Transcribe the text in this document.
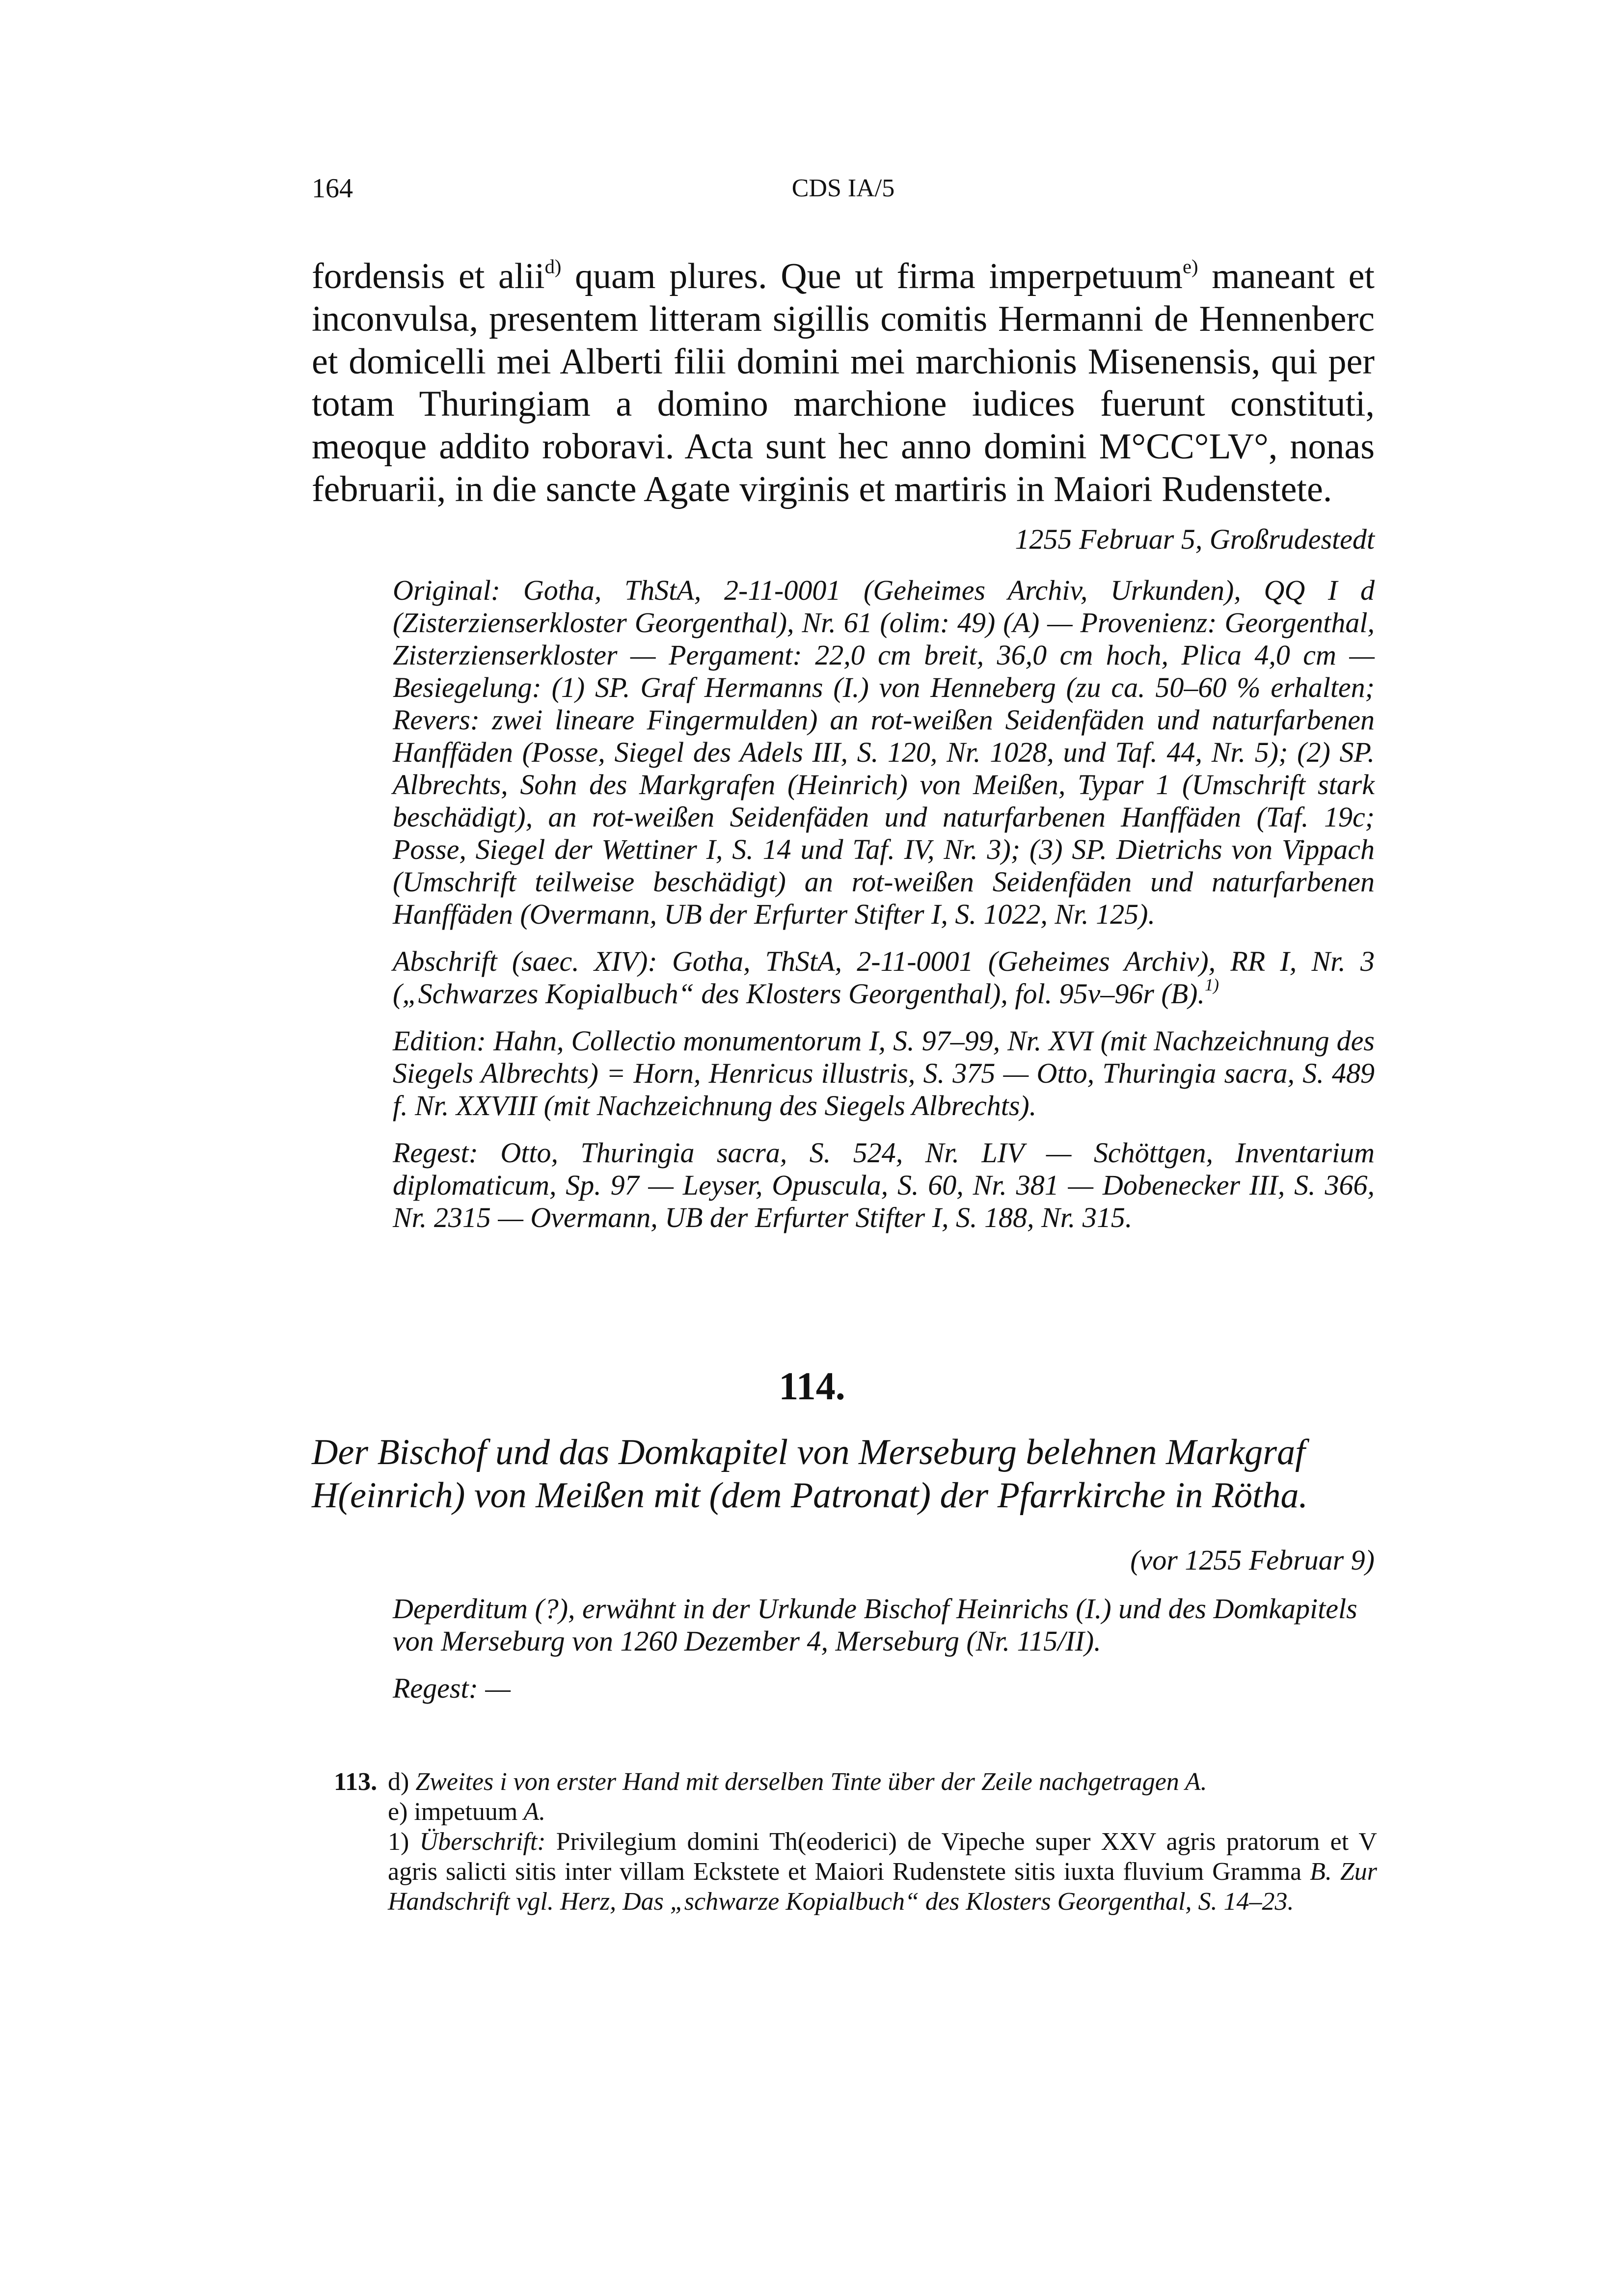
164	CDS IA/5
fordensis et alii$^{d)}$ quam plures. Que ut firma imperpetuum$^{e)}$ maneant et inconvulsa, presentem litteram sigillis comitis Hermanni de Hennenberc et domicelli mei Alberti filii domini mei marchionis Misenensis, qui per totam Thuringiam a domino marchione iudices fuerunt constituti, meoque addito roboravi. Acta sunt hec anno domini M°CC°LV°, nonas februarii, in die sancte Agate virginis et martiris in Maiori Rudenstete.
1255 Februar 5, Großrudestedt

Original: Gotha, ThStA, 2-11-0001 (Geheimes Archiv, Urkunden), QQ I d (Zisterzienserkloster Georgenthal), Nr. 61 (olim: 49) (A) — Provenienz: Georgenthal, Zisterzienserkloster — Pergament: 22,0 cm breit, 36,0 cm hoch, Plica 4,0 cm — Besiegelung: (1) SP. Graf Hermanns (I.) von Henneberg (zu ca. 50–60 % erhalten; Revers: zwei lineare Fingermulden) an rot-weißen Seidenfäden und naturfarbenen Hanffäden (Posse, Siegel des Adels III, S. 120, Nr. 1028, und Taf. 44, Nr. 5); (2) SP. Albrechts, Sohn des Markgrafen (Heinrich) von Meißen, Typar 1 (Umschrift stark beschädigt), an rot-weißen Seidenfäden und naturfarbenen Hanffäden (Taf. 19c; Posse, Siegel der Wettiner I, S. 14 und Taf. IV, Nr. 3); (3) SP. Dietrichs von Vippach (Umschrift teilweise beschädigt) an rot-weißen Seidenfäden und naturfarbenen Hanffäden (Overmann, UB der Erfurter Stifter I, S. 1022, Nr. 125).

Abschrift (saec. XIV): Gotha, ThStA, 2-11-0001 (Geheimes Archiv), RR I, Nr. 3 („Schwarzes Kopialbuch“ des Klosters Georgenthal), fol. 95v–96r (B).$^{1)}$

Edition: Hahn, Collectio monumentorum I, S. 97–99, Nr. XVI (mit Nachzeichnung des Siegels Albrechts) = Horn, Henricus illustris, S. 375 — Otto, Thuringia sacra, S. 489 f. Nr. XXVIII (mit Nachzeichnung des Siegels Albrechts).

Regest: Otto, Thuringia sacra, S. 524, Nr. LIV — Schöttgen, Inventarium diplomaticum, Sp. 97 — Leyser, Opuscula, S. 60, Nr. 381 — Dobenecker III, S. 366, Nr. 2315 — Overmann, UB der Erfurter Stifter I, S. 188, Nr. 315.

114.
Der Bischof und das Domkapitel von Merseburg belehnen Markgraf H(einrich) von Meißen mit (dem Patronat) der Pfarrkirche in Rötha.
(vor 1255 Februar 9)

Deperditum (?), erwähnt in der Urkunde Bischof Heinrichs (I.) und des Domkapitels von Merseburg von 1260 Dezember 4, Merseburg (Nr. 115/II).

Regest: —

113. d) Zweites i von erster Hand mit derselben Tinte über der Zeile nachgetragen A.
e) impetuum A.
1) Überschrift: Privilegium domini Th(eoderici) de Vipeche super XXV agris pratorum et V agris salicti sitis inter villam Eckstete et Maiori Rudenstete sitis iuxta fluvium Gramma B. Zur Handschrift vgl. Herz, Das „schwarze Kopialbuch“ des Klosters Georgenthal, S. 14–23.
